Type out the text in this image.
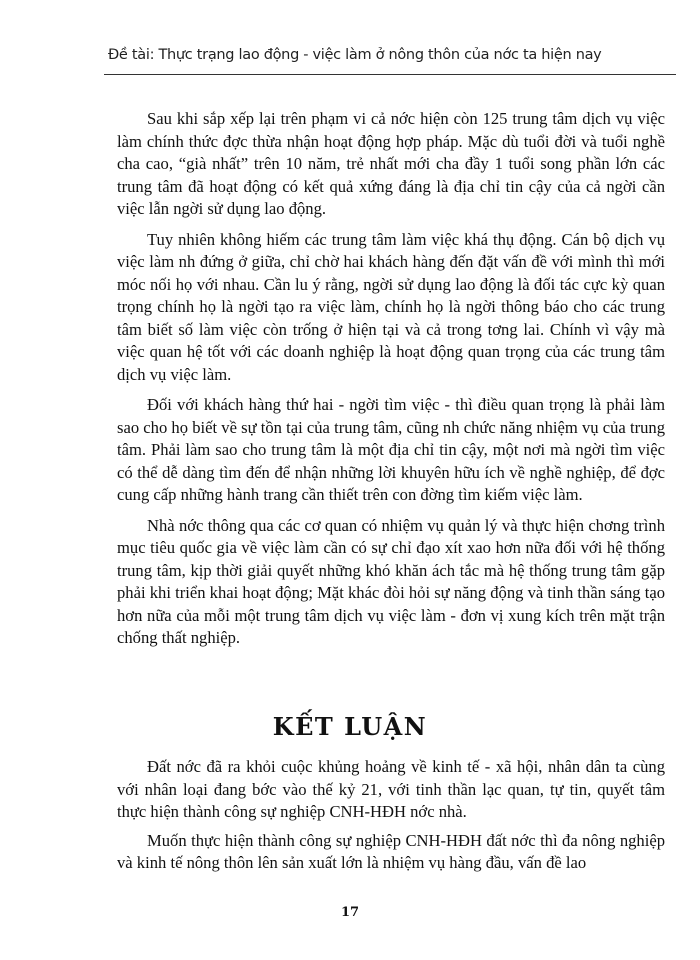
Đề tài: Thực trạng lao động - việc làm ở nông thôn của nớc ta hiện nay

Sau khi sắp xếp lại trên phạm vi cả nớc hiện còn 125 trung tâm dịch vụ việc làm chính thức đợc thừa nhận hoạt động hợp pháp. Mặc dù tuổi đời và tuổi nghề cha cao, “già nhất” trên 10 năm, trẻ nhất mới cha đầy 1 tuổi song phần lớn các trung tâm đã hoạt động có kết quả xứng đáng là địa chỉ tin cậy của cả ngời cần việc lẫn ngời sử dụng lao động.

Tuy nhiên không hiếm các trung tâm làm việc khá thụ động. Cán bộ dịch vụ việc làm nh đứng ở giữa, chỉ chờ hai khách hàng đến đặt vấn đề với mình thì mới móc nối họ với nhau. Cần lu ý rằng, ngời sử dụng lao động là đối tác cực kỳ quan trọng chính họ là ngời tạo ra việc làm, chính họ là ngời thông báo cho các trung tâm biết số làm việc còn trống ở hiện tại và cả trong tơng lai. Chính vì vậy mà việc quan hệ tốt với các doanh nghiệp là hoạt động quan trọng của các trung tâm dịch vụ việc làm.

Đối với khách hàng thứ hai - ngời tìm việc - thì điều quan trọng là phải làm sao cho họ biết về sự tồn tại của trung tâm, cũng nh chức năng nhiệm vụ của trung tâm. Phải làm sao cho trung tâm là một địa chỉ tin cậy, một nơi mà ngời tìm việc có thể dễ dàng tìm đến để nhận những lời khuyên hữu ích về nghề nghiệp, để đợc cung cấp những hành trang cần thiết trên con đờng tìm kiếm việc làm.

Nhà nớc thông qua các cơ quan có nhiệm vụ quản lý và thực hiện chơng trình mục tiêu quốc gia về việc làm cần có sự chỉ đạo xít xao hơn nữa đối với hệ thống trung tâm, kịp thời giải quyết những khó khăn ách tắc mà hệ thống trung tâm gặp phải khi triển khai hoạt động; Mặt khác đòi hỏi sự năng động và tinh thần sáng tạo hơn nữa của mỗi một trung tâm dịch vụ việc làm - đơn vị xung kích trên mặt trận chống thất nghiệp.

KẾT LUẬN

Đất nớc đã ra khỏi cuộc khủng hoảng về kinh tế - xã hội, nhân dân ta cùng với nhân loại đang bớc vào thế kỷ 21, với tinh thần lạc quan, tự tin, quyết tâm thực hiện thành công sự nghiệp CNH-HĐH nớc nhà.

Muốn thực hiện thành công sự nghiệp CNH-HĐH đất nớc thì đa nông nghiệp và kinh tế nông thôn lên sản xuất lớn là nhiệm vụ hàng đầu, vấn đề lao

17
